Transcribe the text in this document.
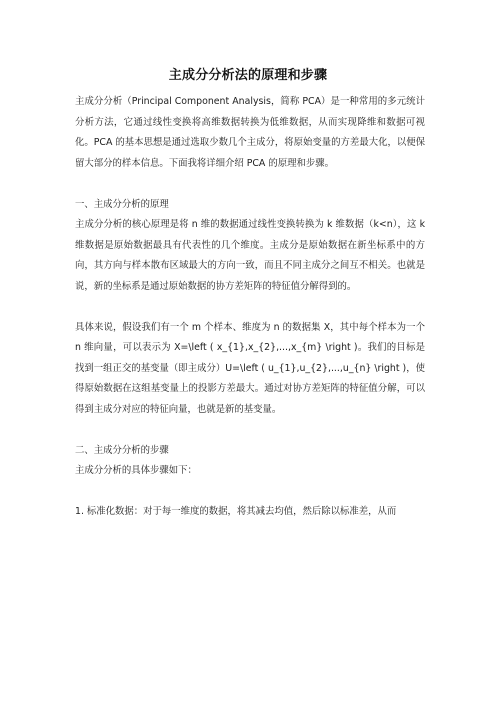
主成分分析法的原理和步骤

主成分分析（Principal Component Analysis，简称 PCA）是一种常用的多元统计分析方法，它通过线性变换将高维数据转换为低维数据，从而实现降维和数据可视化。PCA 的基本思想是通过选取少数几个主成分，将原始变量的方差最大化，以便保留大部分的样本信息。下面我将详细介绍 PCA 的原理和步骤。

一、主成分分析的原理

主成分分析的核心原理是将 n 维的数据通过线性变换转换为 k 维数据（k<n），这 k 维数据是原始数据最具有代表性的几个维度。主成分是原始数据在新坐标系中的方向，其方向与样本散布区域最大的方向一致，而且不同主成分之间互不相关。也就是说，新的坐标系是通过原始数据的协方差矩阵的特征值分解得到的。

具体来说，假设我们有一个 m 个样本、维度为 n 的数据集 X，其中每个样本为一个 n 维向量，可以表示为 X=\left ( x_{1},x_{2},...,x_{m} \right )。我们的目标是找到一组正交的基变量（即主成分）U=\left ( u_{1},u_{2},...,u_{n} \right )，使得原始数据在这组基变量上的投影方差最大。通过对协方差矩阵的特征值分解，可以得到主成分对应的特征向量，也就是新的基变量。

二、主成分分析的步骤

主成分分析的具体步骤如下：

1. 标准化数据：对于每一维度的数据，将其减去均值，然后除以标准差，从而
